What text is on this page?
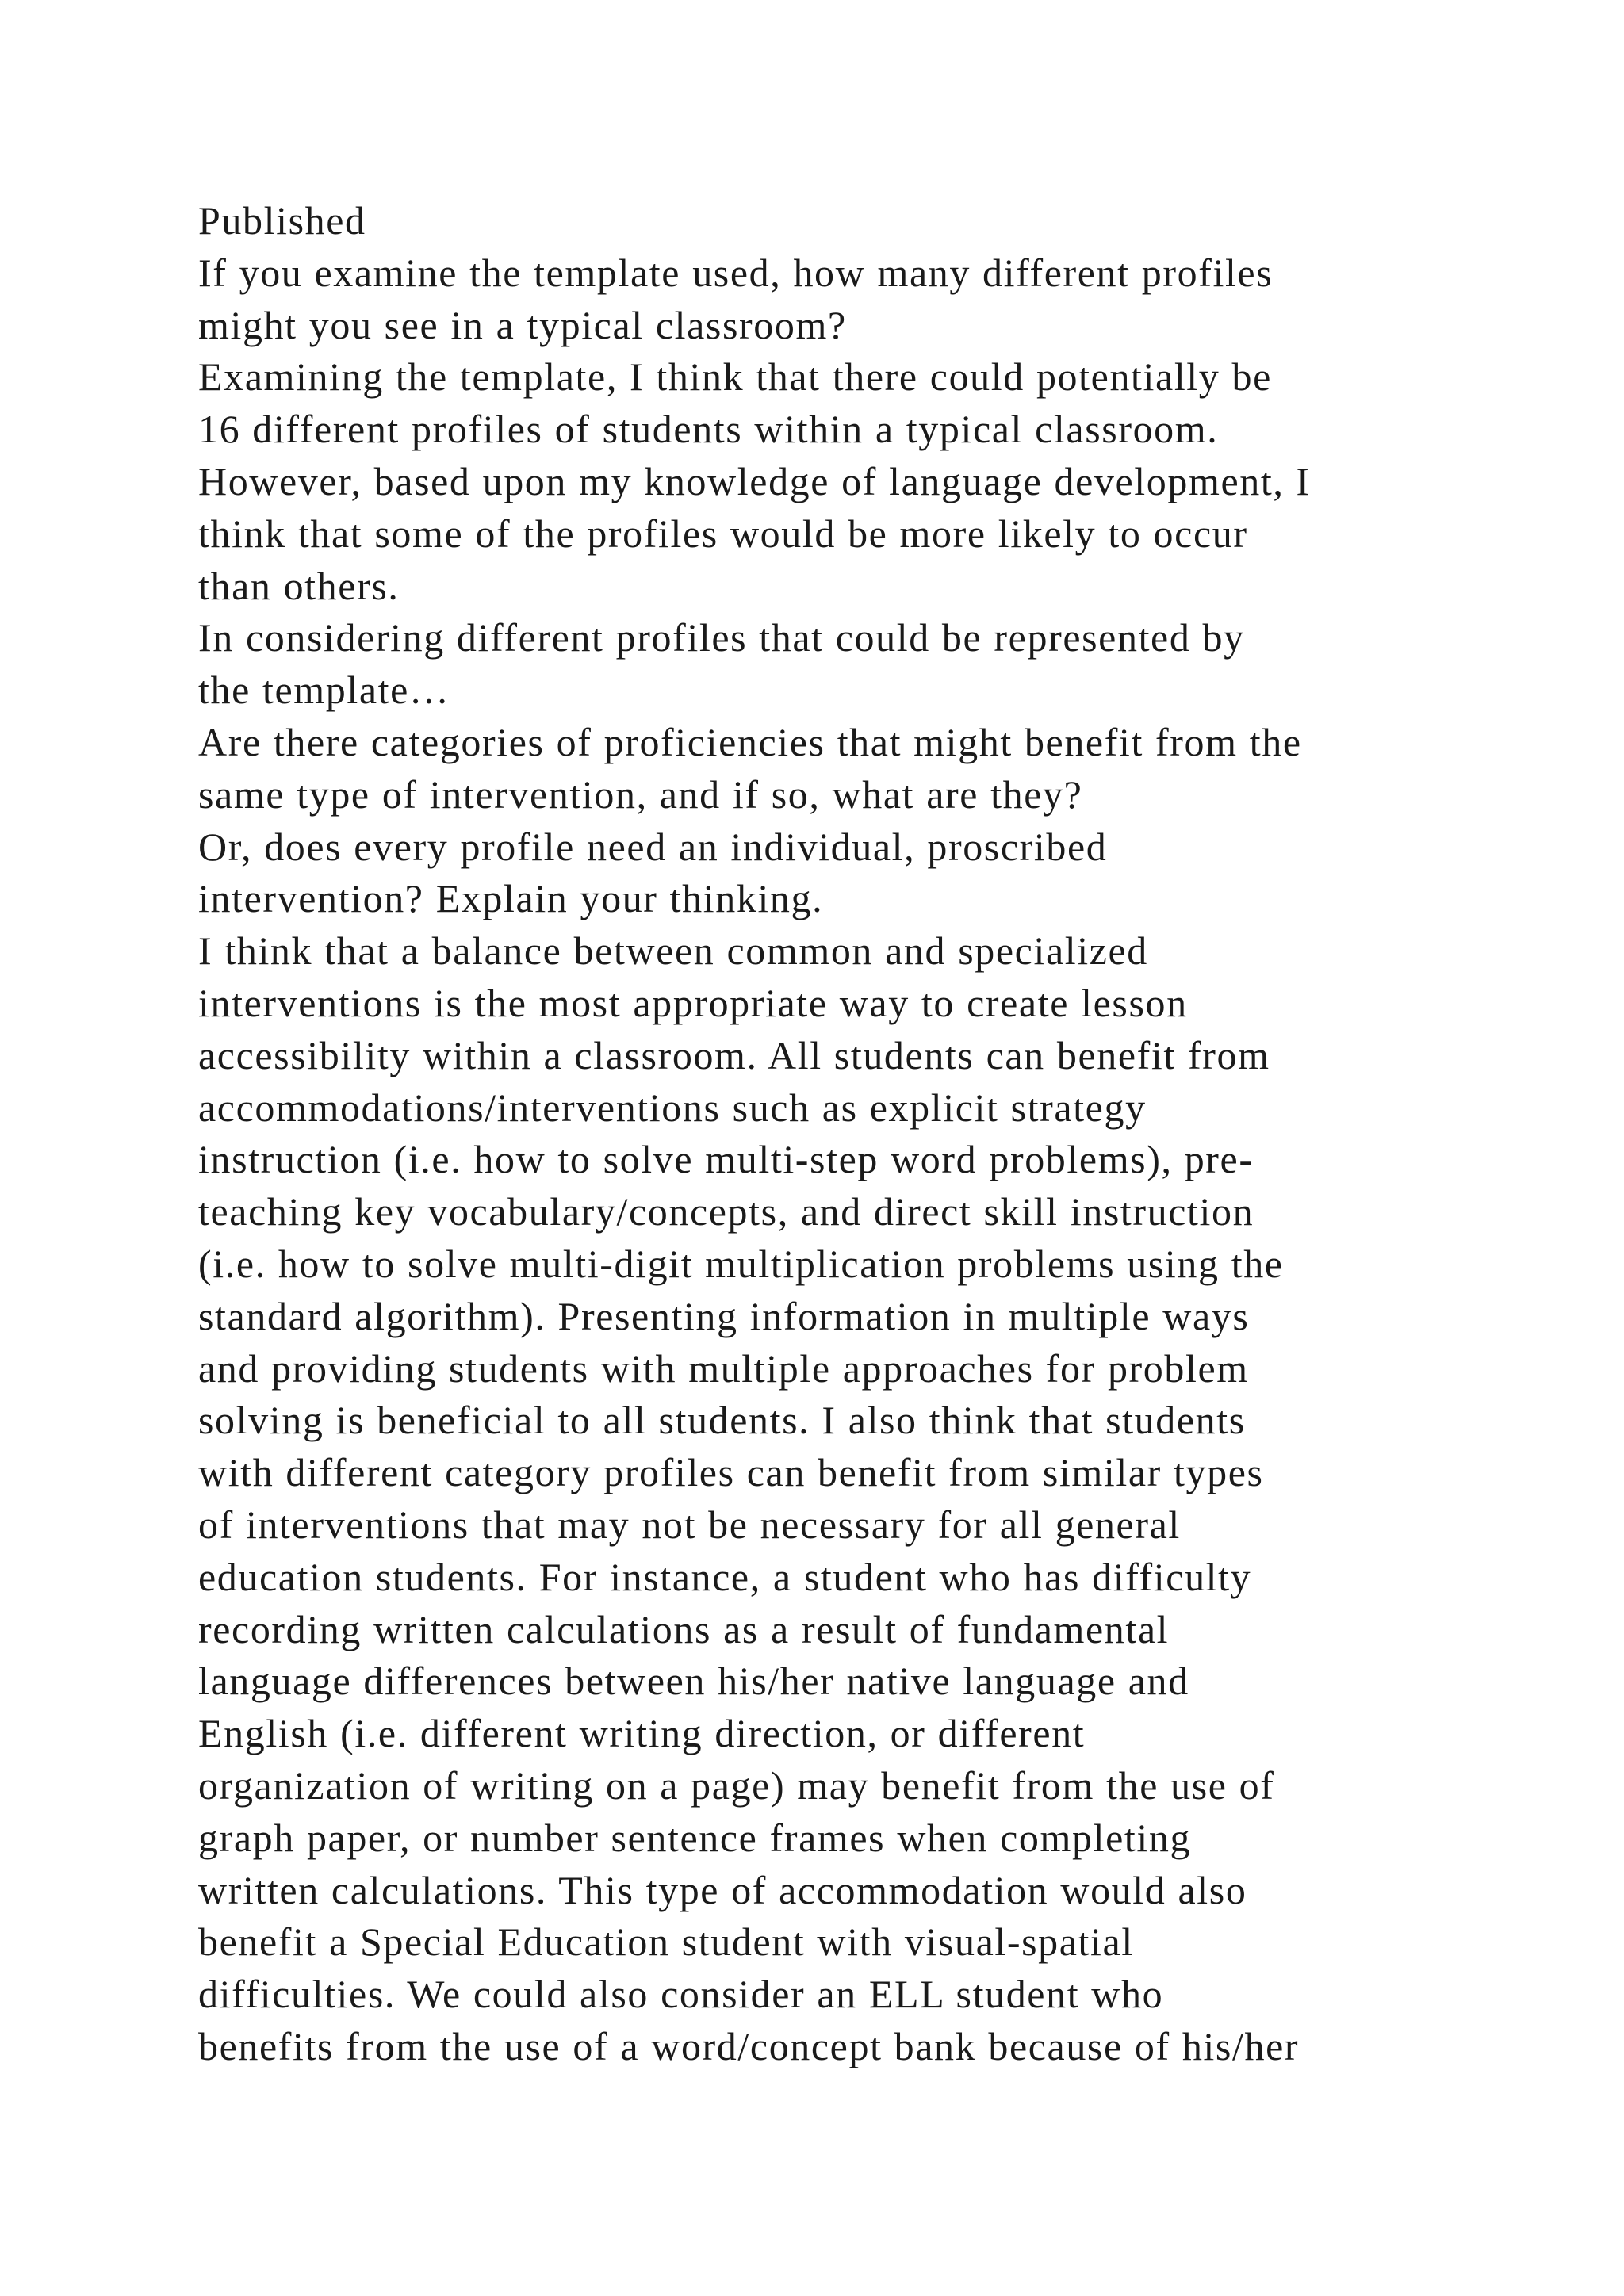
Published
If you examine the template used, how many different profiles
might you see in a typical classroom?
Examining the template, I think that there could potentially be
16 different profiles of students within a typical classroom.
However, based upon my knowledge of language development, I
think that some of the profiles would be more likely to occur
than others.
In considering different profiles that could be represented by
the template…
Are there categories of proficiencies that might benefit from the
same type of intervention, and if so, what are they?
Or, does every profile need an individual, proscribed
intervention? Explain your thinking.
I think that a balance between common and specialized
interventions is the most appropriate way to create lesson
accessibility within a classroom. All students can benefit from
accommodations/interventions such as explicit strategy
instruction (i.e. how to solve multi-step word problems), pre-
teaching key vocabulary/concepts, and direct skill instruction
(i.e. how to solve multi-digit multiplication problems using the
standard algorithm). Presenting information in multiple ways
and providing students with multiple approaches for problem
solving is beneficial to all students. I also think that students
with different category profiles can benefit from similar types
of interventions that may not be necessary for all general
education students. For instance, a student who has difficulty
recording written calculations as a result of fundamental
language differences between his/her native language and
English (i.e. different writing direction, or different
organization of writing on a page) may benefit from the use of
graph paper, or number sentence frames when completing
written calculations. This type of accommodation would also
benefit a Special Education student with visual-spatial
difficulties. We could also consider an ELL student who
benefits from the use of a word/concept bank because of his/her
